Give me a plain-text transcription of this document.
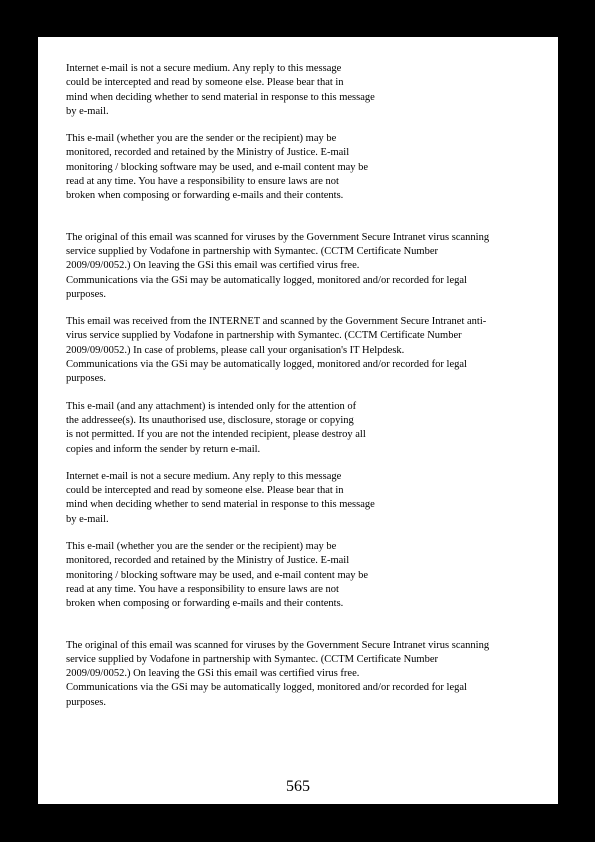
Internet e-mail is not a secure medium. Any reply to this message
could be intercepted and read by someone else. Please bear that in
mind when deciding whether to send material in response to this message
by e-mail.

This e-mail (whether you are the sender or the recipient) may be
monitored, recorded and retained by the Ministry of Justice. E-mail
monitoring / blocking software may be used, and e-mail content may be
read at any time. You have a responsibility to ensure laws are not
broken when composing or forwarding e-mails and their contents.

The original of this email was scanned for viruses by the Government Secure Intranet virus scanning
service supplied by Vodafone in partnership with Symantec. (CCTM Certificate Number
2009/09/0052.) On leaving the GSi this email was certified virus free.
Communications via the GSi may be automatically logged, monitored and/or recorded for legal
purposes.

This email was received from the INTERNET and scanned by the Government Secure Intranet anti-
virus service supplied by Vodafone in partnership with Symantec. (CCTM Certificate Number
2009/09/0052.) In case of problems, please call your organisation's IT Helpdesk.
Communications via the GSi may be automatically logged, monitored and/or recorded for legal
purposes.

This e-mail (and any attachment) is intended only for the attention of
the addressee(s). Its unauthorised use, disclosure, storage or copying
is not permitted. If you are not the intended recipient, please destroy all
copies and inform the sender by return e-mail.

Internet e-mail is not a secure medium. Any reply to this message
could be intercepted and read by someone else. Please bear that in
mind when deciding whether to send material in response to this message
by e-mail.

This e-mail (whether you are the sender or the recipient) may be
monitored, recorded and retained by the Ministry of Justice. E-mail
monitoring / blocking software may be used, and e-mail content may be
read at any time. You have a responsibility to ensure laws are not
broken when composing or forwarding e-mails and their contents.

The original of this email was scanned for viruses by the Government Secure Intranet virus scanning
service supplied by Vodafone in partnership with Symantec. (CCTM Certificate Number
2009/09/0052.) On leaving the GSi this email was certified virus free.
Communications via the GSi may be automatically logged, monitored and/or recorded for legal
purposes.

565
